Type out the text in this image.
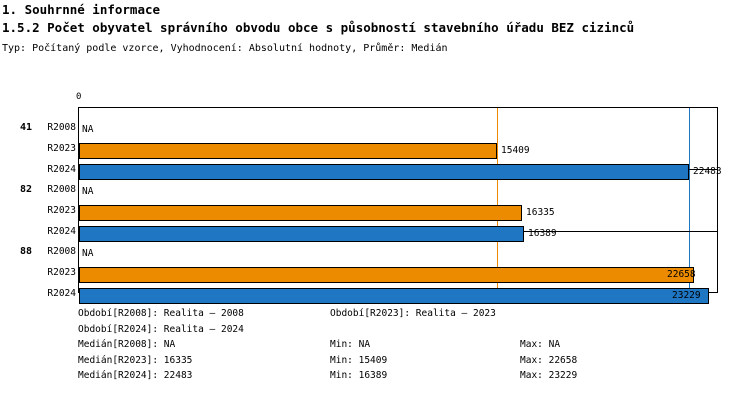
1. Souhrnné informace
1.5.2 Počet obyvatel správního obvodu obce s působností stavebního úřadu BEZ cizinců
Typ: Počítaný podle vzorce, Vyhodnocení: Absolutní hodnoty, Průměr: Medián
0
41
82
88
R2008
R2023
R2024
R2008
R2023
R2024
R2008
R2023
R2024
NA
15409
22483
NA
16335
16389
NA
22658
23229
Období[R2008]: Realita – 2008	Období[R2023]: Realita – 2023
Období[R2024]: Realita – 2024
Medián[R2008]: NA	Min: NA	Max: NA
Medián[R2023]: 16335	Min: 15409	Max: 22658
Medián[R2024]: 22483	Min: 16389	Max: 23229
